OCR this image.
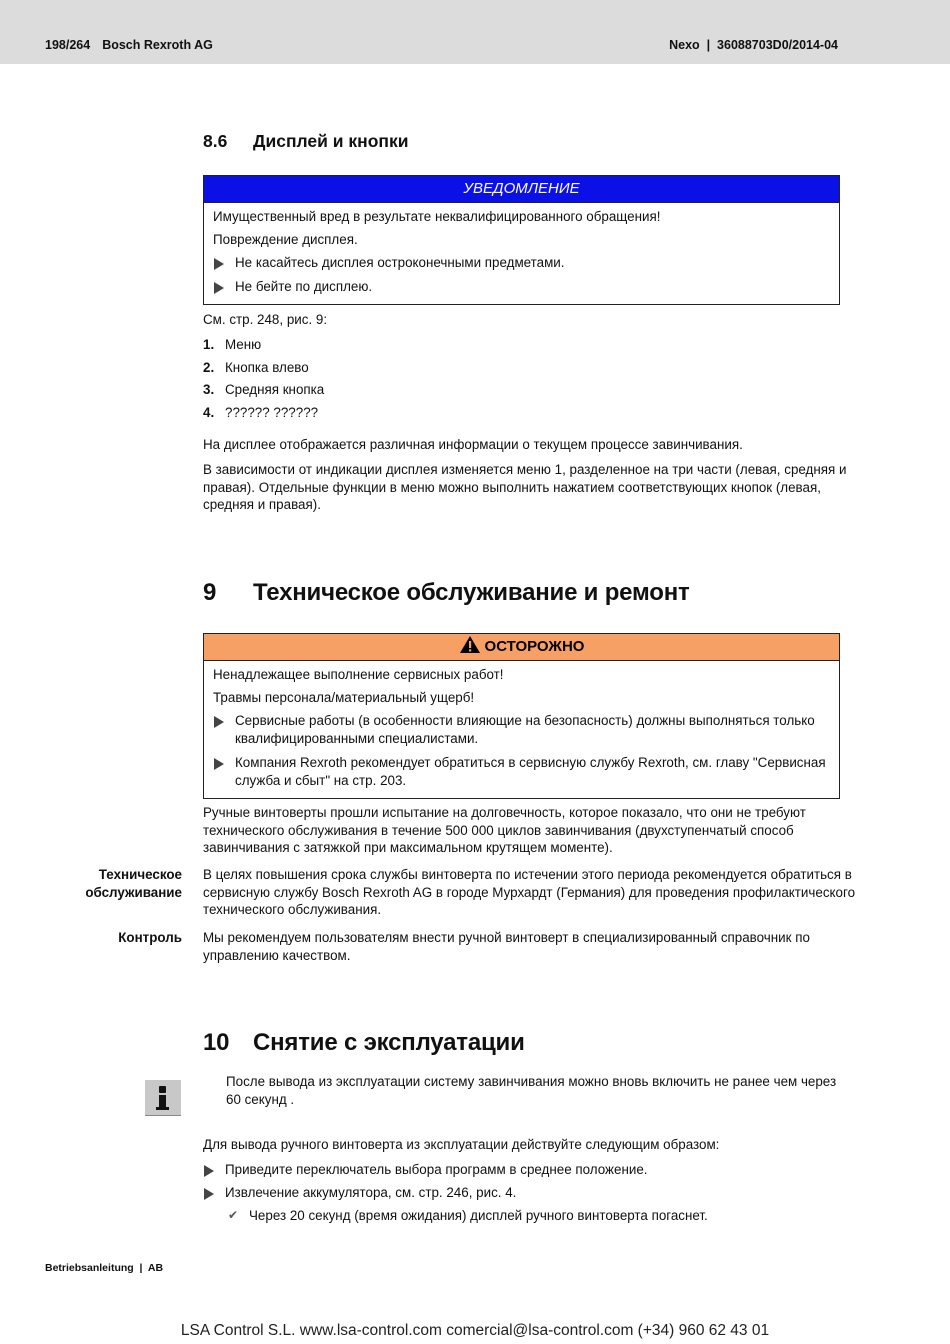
198/264 Bosch Rexroth AG	Nexo  |  36088703D0/2014-04
8.6 Дисплей и кнопки
УВЕДОМЛЕНИЕ

Имущественный вред в результате неквалифицированного обращения!

Повреждение дисплея.

Не касайтесь дисплея остроконечными предметами.
Не бейте по дисплею.
См. стр. 248, рис. 9:
1. Меню
2. Кнопка влево
3. Средняя кнопка
4. ?????? ??????
На дисплее отображается различная информации о текущем процессе завинчивания.
В зависимости от индикации дисплея изменяется меню 1, разделенное на три части (левая, средняя и
правая). Отдельные функции в меню можно выполнить нажатием соответствующих кнопок (левая,
средняя и правая).
9 Техническое обслуживание и ремонт
ОСТОРОЖНО

Ненадлежащее выполнение сервисных работ!

Травмы персонала/материальный ущерб!

Сервисные работы (в особенности влияющие на безопасность) должны выполняться только
квалифицированными специалистами.
Компания Rexroth рекомендует обратиться в сервисную службу Rexroth, см. главу "Сервисная
служба и сбыт" на стр. 203.
Ручные винтоверты прошли испытание на долговечность, которое показало, что они не требуют
технического обслуживания в течение 500 000 циклов завинчивания (двухступенчатый способ
завинчивания с затяжкой при максимальном крутящем моменте).
Техническое
обслуживание
В целях повышения срока службы винтоверта по истечении этого периода рекомендуется обратиться в
сервисную службу Bosch Rexroth AG в городе Мурхардт (Германия) для проведения профилактического
технического обслуживания.
Контроль Мы рекомендуем пользователям внести ручной винтоверт в специализированный справочник по
управлению качеством.
10 Снятие с эксплуатации
После вывода из эксплуатации систему завинчивания можно вновь включить не ранее чем через
60 секунд .
Для вывода ручного винтоверта из эксплуатации действуйте следующим образом:
Приведите переключатель выбора программ в среднее положение.
Извлечение аккумулятора, см. стр. 246, рис. 4.
✔ Через 20 секунд (время ожидания) дисплей ручного винтоверта погаснет.
Betriebsanleitung  |  AB
LSA Control S.L. www.lsa-control.com comercial@lsa-control.com (+34) 960 62 43 01
